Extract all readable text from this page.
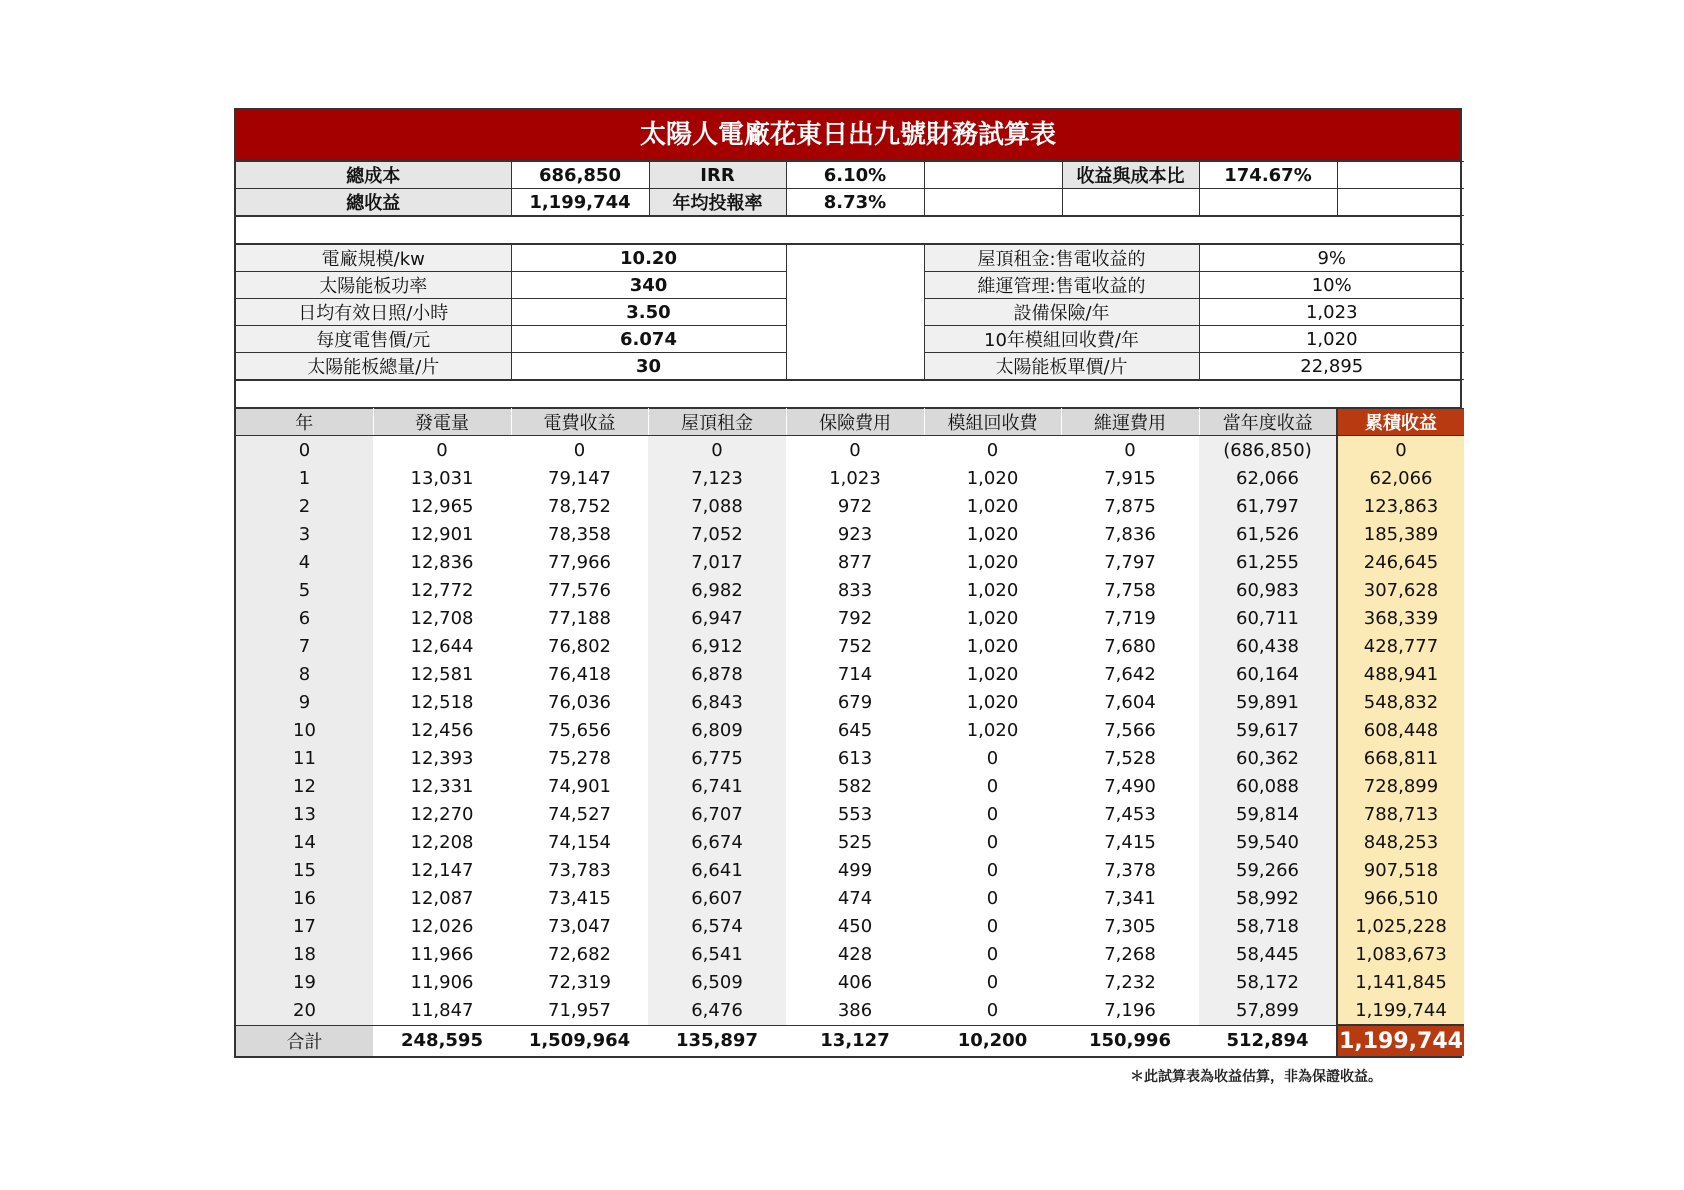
太陽人電廠花東日出九號財務試算表
總成本	686,850	IRR	6.10%		收益與成本比	174.67%	
總收益	1,199,744	年均投報率	8.73%				
電廠規模/kw	10.20		屋頂租金:售電收益的	9%
太陽能板功率	340		維運管理:售電收益的	10%
日均有效日照/小時	3.50		設備保險/年	1,023
每度電售價/元	6.074		10年模組回收費/年	1,020
太陽能板總量/片	30		太陽能板單價/片	22,895
年	發電量	電費收益	屋頂租金	保險費用	模組回收費	維運費用	當年度收益	累積收益
0	0	0	0	0	0	0	(686,850)	0
1	13,031	79,147	7,123	1,023	1,020	7,915	62,066	62,066
2	12,965	78,752	7,088	972	1,020	7,875	61,797	123,863
3	12,901	78,358	7,052	923	1,020	7,836	61,526	185,389
4	12,836	77,966	7,017	877	1,020	7,797	61,255	246,645
5	12,772	77,576	6,982	833	1,020	7,758	60,983	307,628
6	12,708	77,188	6,947	792	1,020	7,719	60,711	368,339
7	12,644	76,802	6,912	752	1,020	7,680	60,438	428,777
8	12,581	76,418	6,878	714	1,020	7,642	60,164	488,941
9	12,518	76,036	6,843	679	1,020	7,604	59,891	548,832
10	12,456	75,656	6,809	645	1,020	7,566	59,617	608,448
11	12,393	75,278	6,775	613	0	7,528	60,362	668,811
12	12,331	74,901	6,741	582	0	7,490	60,088	728,899
13	12,270	74,527	6,707	553	0	7,453	59,814	788,713
14	12,208	74,154	6,674	525	0	7,415	59,540	848,253
15	12,147	73,783	6,641	499	0	7,378	59,266	907,518
16	12,087	73,415	6,607	474	0	7,341	58,992	966,510
17	12,026	73,047	6,574	450	0	7,305	58,718	1,025,228
18	11,966	72,682	6,541	428	0	7,268	58,445	1,083,673
19	11,906	72,319	6,509	406	0	7,232	58,172	1,141,845
20	11,847	71,957	6,476	386	0	7,196	57,899	1,199,744
合計	248,595	1,509,964	135,897	13,127	10,200	150,996	512,894	1,199,744
＊此試算表為收益估算，非為保證收益。
